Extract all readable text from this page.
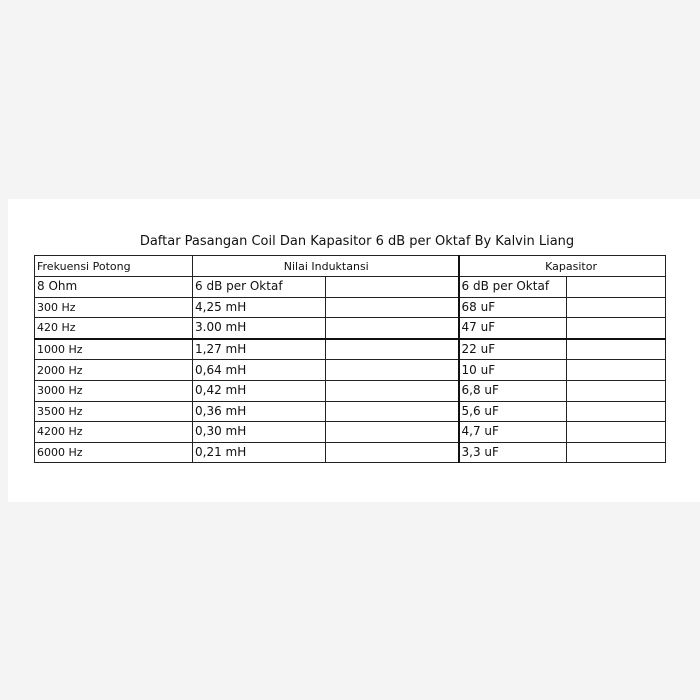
Daftar Pasangan Coil Dan Kapasitor 6 dB per Oktaf By Kalvin Liang
Frekuensi Potong	Nilai Induktansi		Kapasitor	
8 Ohm	6 dB per Oktaf		6 dB per Oktaf	
300 Hz	4,25 mH		68 uF	
420 Hz	3.00 mH		47 uF	
1000 Hz	1,27 mH		22 uF	
2000 Hz	0,64 mH		10 uF	
3000 Hz	0,42 mH		6,8 uF	
3500 Hz	0,36 mH		5,6 uF	
4200 Hz	0,30 mH		4,7 uF	
6000 Hz	0,21 mH		3,3 uF	
